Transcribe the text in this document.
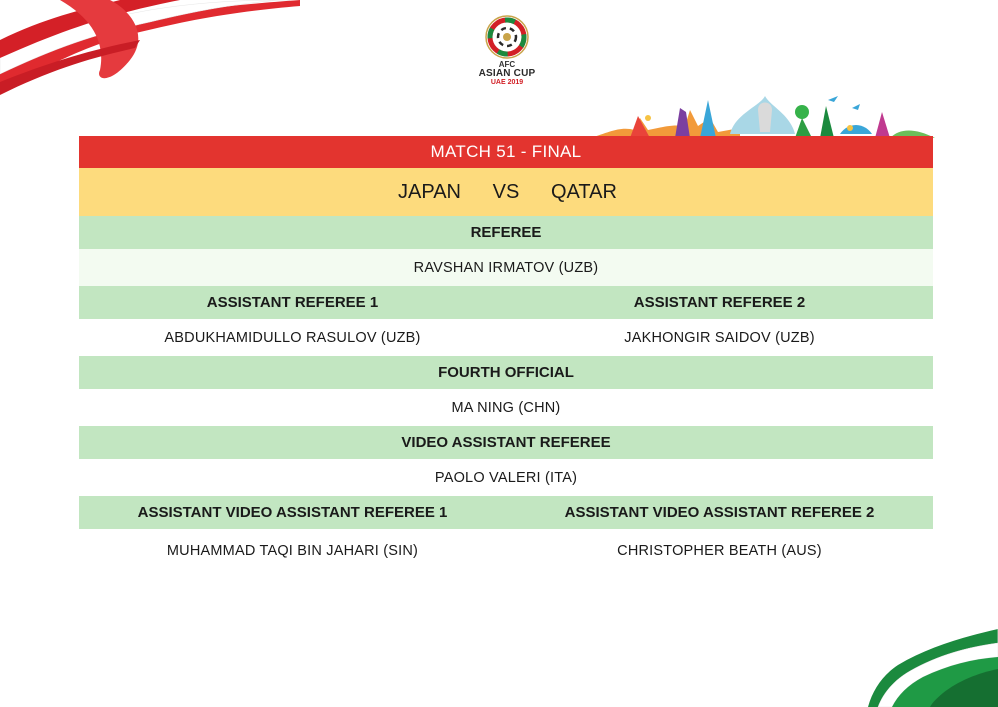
AFC
ASIAN CUP
UAE 2019
MATCH 51 - FINAL
JAPAN	VS	QATAR
REFEREE
RAVSHAN IRMATOV (UZB)
ASSISTANT REFEREE 1	ASSISTANT REFEREE 2
ABDUKHAMIDULLO RASULOV (UZB)	JAKHONGIR SAIDOV (UZB)
FOURTH OFFICIAL
MA NING (CHN)
VIDEO ASSISTANT REFEREE
PAOLO VALERI (ITA)
ASSISTANT VIDEO ASSISTANT REFEREE 1	ASSISTANT VIDEO ASSISTANT REFEREE 2
MUHAMMAD TAQI BIN JAHARI (SIN)	CHRISTOPHER BEATH (AUS)
